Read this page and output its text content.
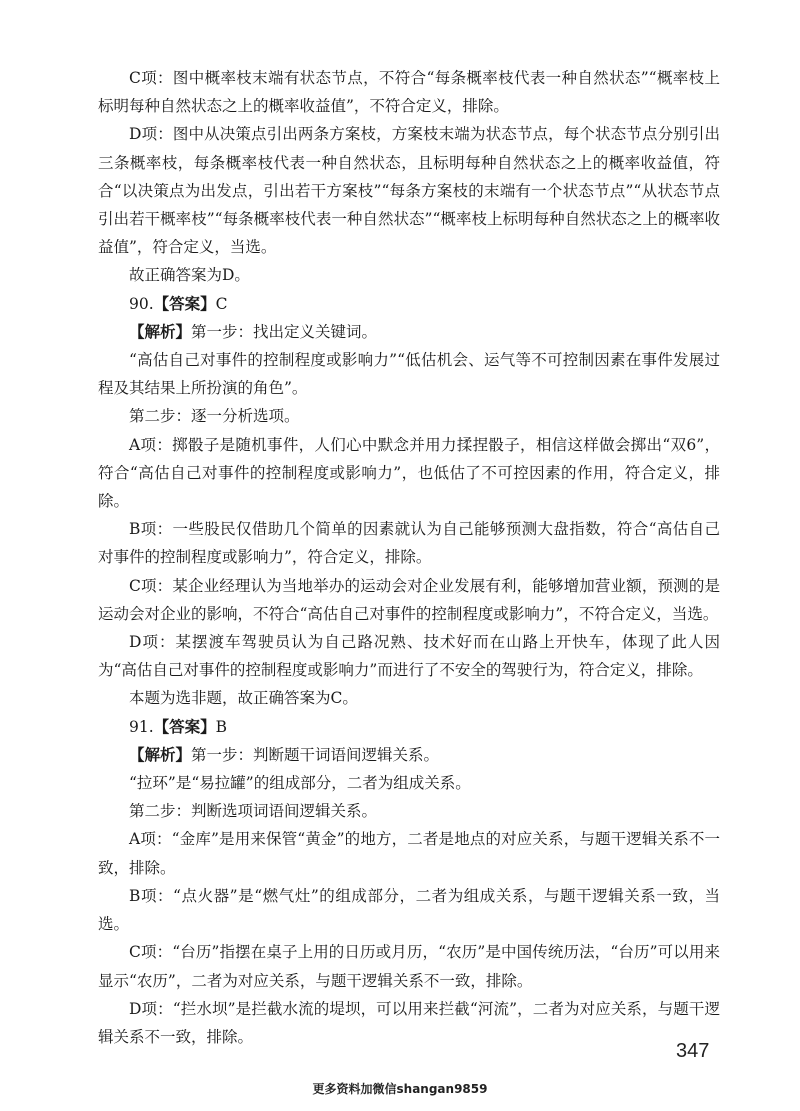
C项：图中概率枝末端有状态节点，不符合“每条概率枝代表一种自然状态”“概率枝上标明每种自然状态之上的概率收益值”，不符合定义，排除。

D项：图中从决策点引出两条方案枝，方案枝末端为状态节点，每个状态节点分别引出三条概率枝，每条概率枝代表一种自然状态，且标明每种自然状态之上的概率收益值，符合“以决策点为出发点，引出若干方案枝”“每条方案枝的末端有一个状态节点”“从状态节点引出若干概率枝”“每条概率枝代表一种自然状态”“概率枝上标明每种自然状态之上的概率收益值”，符合定义，当选。

故正确答案为D。

90.【答案】C

【解析】第一步：找出定义关键词。

“高估自己对事件的控制程度或影响力”“低估机会、运气等不可控制因素在事件发展过程及其结果上所扮演的角色”。

第二步：逐一分析选项。

A项：掷骰子是随机事件，人们心中默念并用力揉捏骰子，相信这样做会掷出“双6”，符合“高估自己对事件的控制程度或影响力”，也低估了不可控因素的作用，符合定义，排除。

B项：一些股民仅借助几个简单的因素就认为自己能够预测大盘指数，符合“高估自己对事件的控制程度或影响力”，符合定义，排除。

C项：某企业经理认为当地举办的运动会对企业发展有利，能够增加营业额，预测的是运动会对企业的影响，不符合“高估自己对事件的控制程度或影响力”，不符合定义，当选。

D项：某摆渡车驾驶员认为自己路况熟、技术好而在山路上开快车，体现了此人因为“高估自己对事件的控制程度或影响力”而进行了不安全的驾驶行为，符合定义，排除。

本题为选非题，故正确答案为C。

91.【答案】B

【解析】第一步：判断题干词语间逻辑关系。

“拉环”是“易拉罐”的组成部分，二者为组成关系。

第二步：判断选项词语间逻辑关系。

A项：“金库”是用来保管“黄金”的地方，二者是地点的对应关系，与题干逻辑关系不一致，排除。

B项：“点火器”是“燃气灶”的组成部分，二者为组成关系，与题干逻辑关系一致，当选。

C项：“台历”指摆在桌子上用的日历或月历，“农历”是中国传统历法，“台历”可以用来显示“农历”，二者为对应关系，与题干逻辑关系不一致，排除。

D项：“拦水坝”是拦截水流的堤坝，可以用来拦截“河流”，二者为对应关系，与题干逻辑关系不一致，排除。

347
更多资料加微信shangan9859
